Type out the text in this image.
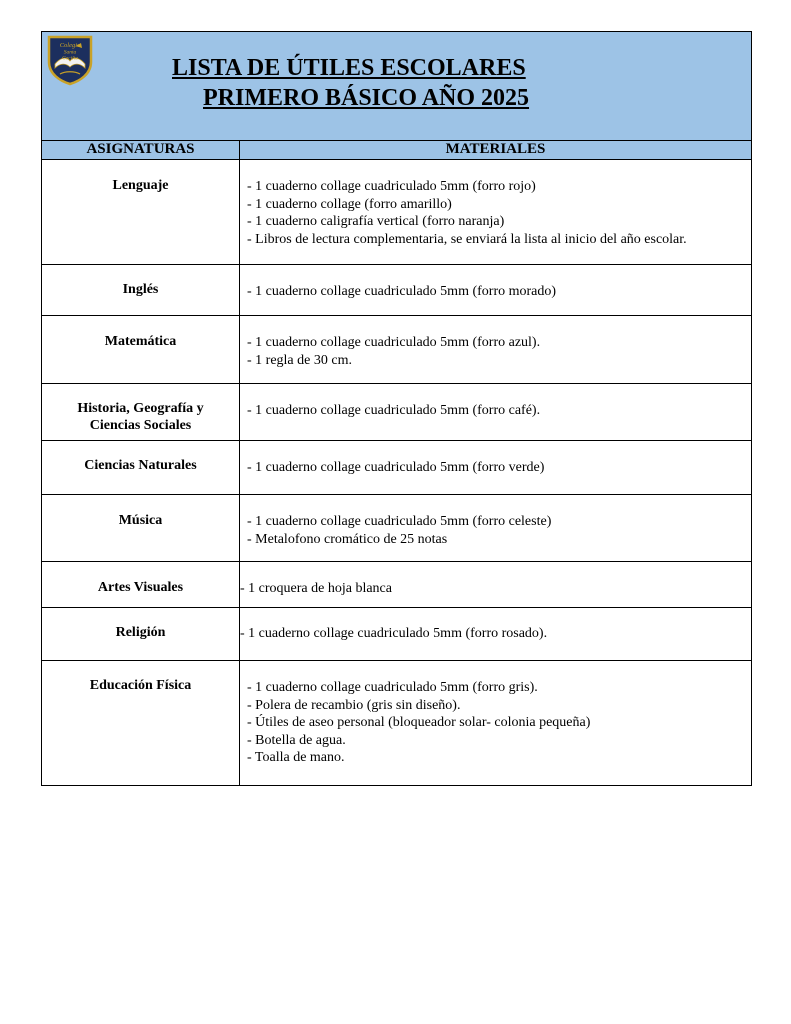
Colegio
Santa
Cecilia	LISTA DE ÚTILES ESCOLARES
PRIMERO BÁSICO AÑO 2025
ASIGNATURAS	MATERIALES

Lenguaje	- 1 cuaderno collage cuadriculado 5mm (forro rojo)
- 1 cuaderno collage (forro amarillo)
- 1 cuaderno caligrafía vertical (forro naranja)
- Libros de lectura complementaria, se enviará la lista al inicio del año escolar.

Inglés	- 1 cuaderno collage cuadriculado 5mm (forro morado)

Matemática	- 1 cuaderno collage cuadriculado 5mm (forro azul).
- 1 regla de 30 cm.

Historia, Geografía y
Ciencias Sociales	- 1 cuaderno collage cuadriculado 5mm (forro café).

Ciencias Naturales	- 1 cuaderno collage cuadriculado 5mm (forro verde)

Música	- 1 cuaderno collage cuadriculado 5mm (forro celeste)
- Metalofono cromático de 25 notas

Artes Visuales	- 1 croquera de hoja blanca

Religión	- 1 cuaderno collage cuadriculado 5mm (forro rosado).

Educación Física	- 1 cuaderno collage cuadriculado 5mm (forro gris).
- Polera de recambio (gris sin diseño).
- Útiles de aseo personal (bloqueador solar- colonia pequeña)
- Botella de agua.
- Toalla de mano.
